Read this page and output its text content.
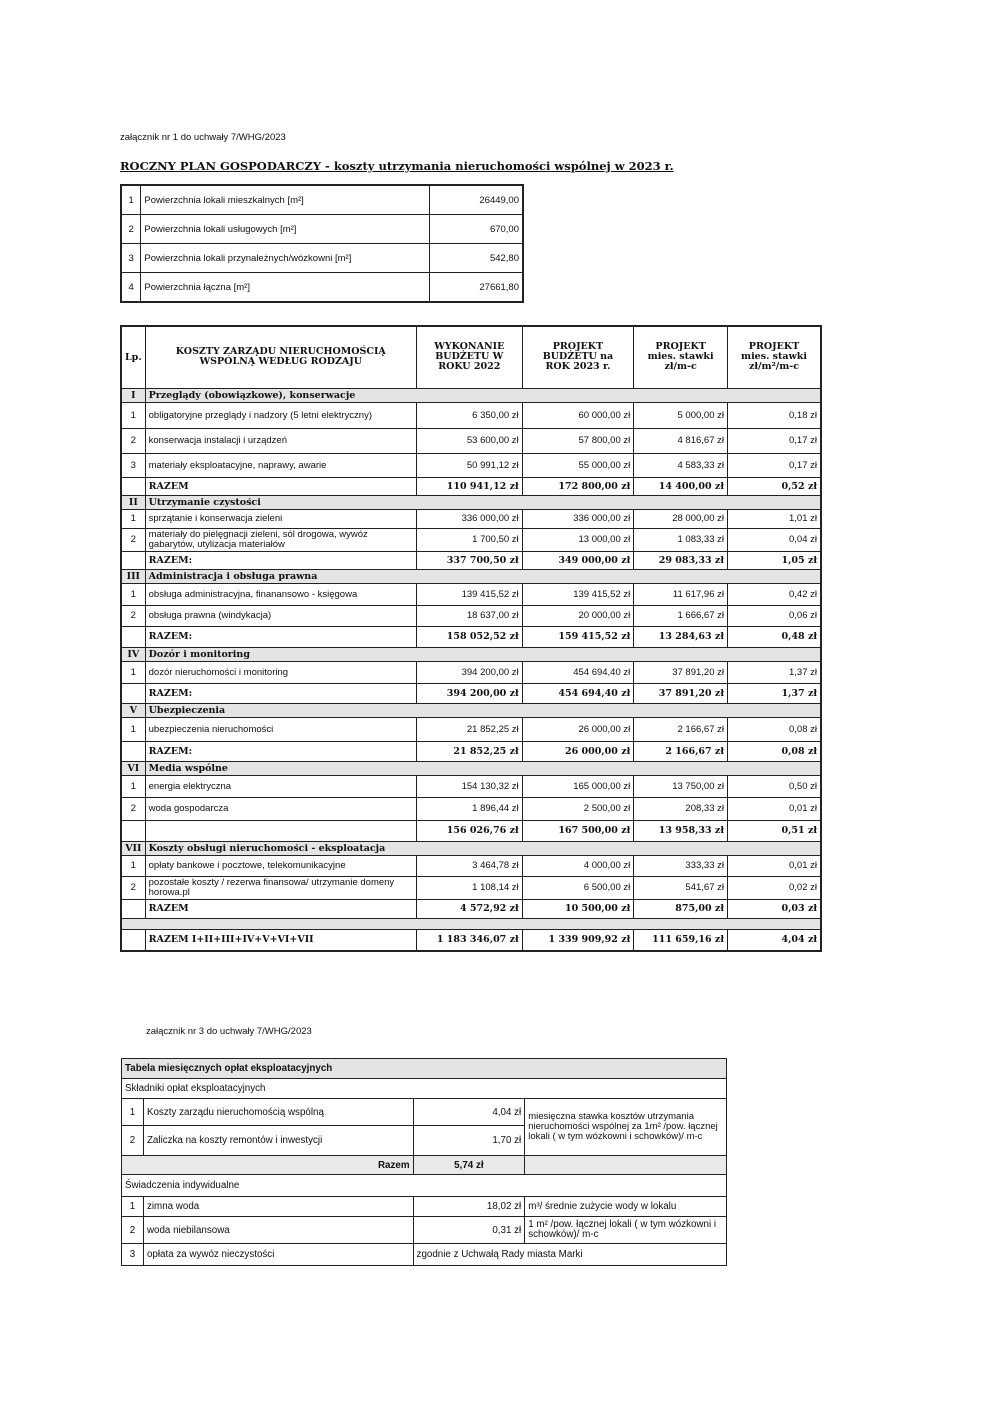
załącznik nr 1 do uchwały 7/WHG/2023
ROCZNY PLAN GOSPODARCZY - koszty utrzymania nieruchomości wspólnej w 2023 r.
1	Powierzchnia lokali mieszkalnych [m²]	26449,00
2	Powierzchnia lokali usługowych [m²]	670,00
3	Powierzchnia lokali przynależnych/wózkowni [m²]	542,80
4	Powierzchnia łączna [m²]	27661,80
Lp.	KOSZTY ZARZĄDU NIERUCHOMOŚCIĄ WSPÓLNĄ WEDŁUG RODZAJU	WYKONANIE BUDŻETU W ROKU 2022	PROJEKT BUDŻETU na ROK 2023 r.	PROJEKT mies. stawki zł/m-c	PROJEKT mies. stawki zł/m²/m-c
I	Przeglądy (obowiązkowe), konserwacje				
1	obligatoryjne przeglądy i nadzory (5 letni elektryczny)	6 350,00 zł	60 000,00 zł	5 000,00 zł	0,18 zł
2	konserwacja instalacji i urządzeń	53 600,00 zł	57 800,00 zł	4 816,67 zł	0,17 zł
3	materiały eksploatacyjne, naprawy, awarie	50 991,12 zł	55 000,00 zł	4 583,33 zł	0,17 zł
	RAZEM	110 941,12 zł	172 800,00 zł	14 400,00 zł	0,52 zł
II	Utrzymanie czystości				
1	sprzątanie i konserwacja zieleni	336 000,00 zł	336 000,00 zł	28 000,00 zł	1,01 zł
2	materiały do pielęgnacji zieleni, sól drogowa, wywóz gabarytów, utylizacja materiałów	1 700,50 zł	13 000,00 zł	1 083,33 zł	0,04 zł
	RAZEM:	337 700,50 zł	349 000,00 zł	29 083,33 zł	1,05 zł
III	Administracja i obsługa prawna				
1	obsługa administracyjna, finanansowo - księgowa	139 415,52 zł	139 415,52 zł	11 617,96 zł	0,42 zł
2	obsługa prawna (windykacja)	18 637,00 zł	20 000,00 zł	1 666,67 zł	0,06 zł
	RAZEM:	158 052,52 zł	159 415,52 zł	13 284,63 zł	0,48 zł
IV	Dozór i monitoring				
1	dozór nieruchomości i monitoring	394 200,00 zł	454 694,40 zł	37 891,20 zł	1,37 zł
	RAZEM:	394 200,00 zł	454 694,40 zł	37 891,20 zł	1,37 zł
V	Ubezpieczenia				
1	ubezpieczenia nieruchomości	21 852,25 zł	26 000,00 zł	2 166,67 zł	0,08 zł
	RAZEM:	21 852,25 zł	26 000,00 zł	2 166,67 zł	0,08 zł
VI	Media wspólne				
1	energia elektryczna	154 130,32 zł	165 000,00 zł	13 750,00 zł	0,50 zł
2	woda gospodarcza	1 896,44 zł	2 500,00 zł	208,33 zł	0,01 zł
		156 026,76 zł	167 500,00 zł	13 958,33 zł	0,51 zł
VII	Koszty obsługi nieruchomości - eksploatacja				
1	opłaty bankowe i pocztowe, telekomunikacyjne	3 464,78 zł	4 000,00 zł	333,33 zł	0,01 zł
2	pozostałe koszty / rezerwa finansowa/ utrzymanie domeny horowa.pl	1 108,14 zł	6 500,00 zł	541,67 zł	0,02 zł
	RAZEM	4 572,92 zł	10 500,00 zł	875,00 zł	0,03 zł

	RAZEM I+II+III+IV+V+VI+VII	1 183 346,07 zł	1 339 909,92 zł	111 659,16 zł	4,04 zł
załącznik nr 3 do uchwały 7/WHG/2023
Tabela miesięcznych opłat eksploatacyjnych			
Składniki opłat eksploatacyjnych			
1	Koszty zarządu nieruchomością wspólną	4,04 zł	miesięczna stawka kosztów utrzymania nieruchomości wspólnej za 1m² /pow. łącznej lokali ( w tym wózkowni i schowków)/ m-c
2	Zaliczka na koszty remontów i inwestycji	1,70 zł	
Razem		5,74 zł	
Świadczenia indywidualne			
1	zimna woda	18,02 zł	m³/ średnie zużycie wody w lokalu
2	woda niebilansowa	0,31 zł	1 m² /pow. łącznej lokali ( w tym wózkowni i schowków)/ m-c
3	opłata za wywóz nieczystości	zgodnie z Uchwałą Rady miasta Marki	
